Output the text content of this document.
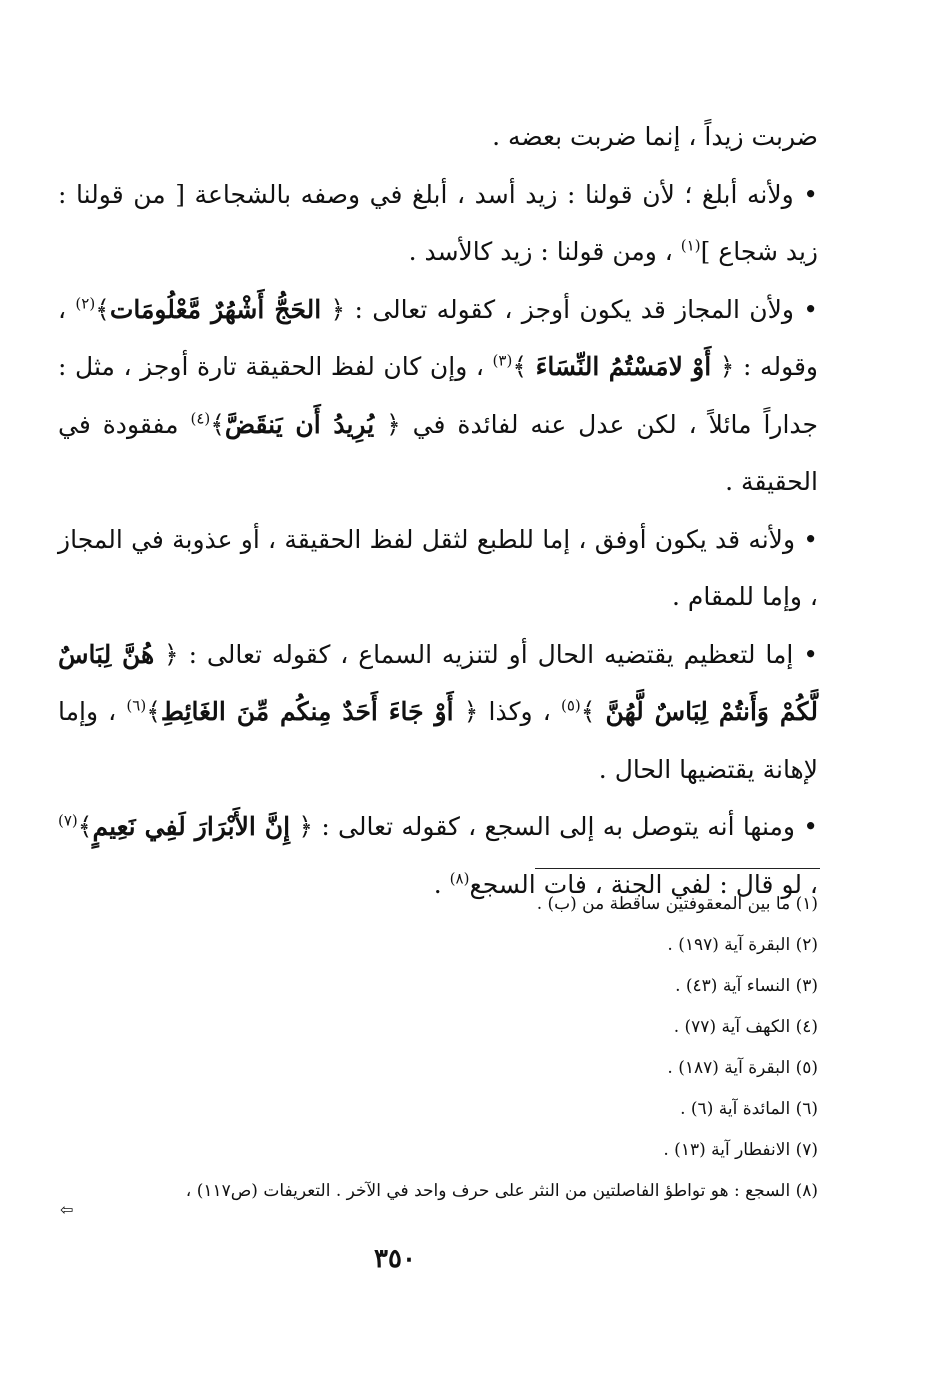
ضربت زيداً ، إنما ضربت بعضه .

• ولأنه أبلغ ؛ لأن قولنا : زيد أسد ، أبلغ في وصفه بالشجاعة [ من قولنا : زيد شجاع ]$^{(١)}$ ، ومن قولنا : زيد كالأسد .

• ولأن المجاز قد يكون أوجز ، كقوله تعالى : ﴿ الحَجُّ أَشْهُرٌ مَّعْلُومَات﴾$^{(٢)}$ ، وقوله : ﴿ أَوْ لامَسْتُمُ النِّسَاءَ ﴾$^{(٣)}$ ، وإن كان لفظ الحقيقة تارة أوجز ، مثل : جداراً مائلاً ، لكن عدل عنه لفائدة في ﴿ يُرِيدُ أَن يَنقَضَّ﴾$^{(٤)}$ مفقودة في الحقيقة .

• ولأنه قد يكون أوفق ، إما للطبع لثقل لفظ الحقيقة ، أو عذوبة في المجاز ، وإما للمقام .

• إما لتعظيم يقتضيه الحال أو لتنزيه السماع ، كقوله تعالى : ﴿ هُنَّ لِبَاسٌ لَّكُمْ وَأَنتُمْ لِبَاسٌ لَّهُنَّ ﴾$^{(٥)}$ ، وكذا ﴿ أَوْ جَاءَ أَحَدٌ مِنكُم مِّنَ الغَائِطِ﴾$^{(٦)}$ ، وإما لإهانة يقتضيها الحال .

• ومنها أنه يتوصل به إلى السجع ، كقوله تعالى : ﴿ إِنَّ الأَبْرَارَ لَفِي نَعِيمٍ﴾$^{(٧)}$ ، لو قال : لفي الجنة ، فات السجع$^{(٨)}$ .

(١) ما بين المعقوفتين ساقطة من (ب) .

(٢) البقرة آية (١٩٧) .

(٣) النساء آية (٤٣) .

(٤) الكهف آية (٧٧) .

(٥) البقرة آية (١٨٧) .

(٦) المائدة آية (٦) .

(٧) الانفطار آية (١٣) .

(٨) السجع : هو تواطؤ الفاصلتين من النثر على حرف واحد في الآخر . التعريفات (ص١١٧) ،

⇦
٣٥٠
